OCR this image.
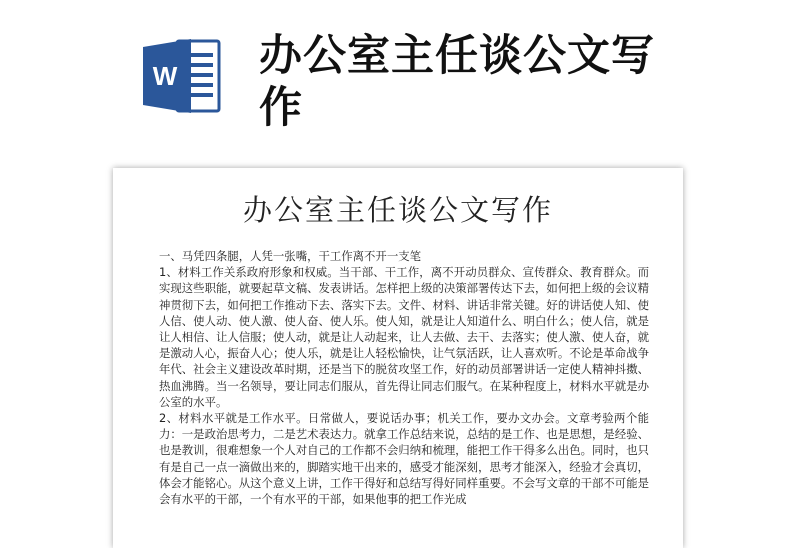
W 办公室主任谈公文写作
办公室主任谈公文写作

一、马凭四条腿，人凭一张嘴，干工作离不开一支笔

1、材料工作关系政府形象和权威。当干部、干工作，离不开动员群众、宣传群众、教育群众。而实现这些职能，就要起草文稿、发表讲话。怎样把上级的决策部署传达下去，如何把上级的会议精神贯彻下去，如何把工作推动下去、落实下去。文件、材料、讲话非常关键。好的讲话使人知、使人信、使人动、使人激、使人奋、使人乐。使人知，就是让人知道什么、明白什么；使人信，就是让人相信、让人信服；使人动，就是让人动起来，让人去做、去干、去落实；使人激、使人奋，就是激动人心，振奋人心；使人乐，就是让人轻松愉快，让气氛活跃，让人喜欢听。不论是革命战争年代、社会主义建设改革时期，还是当下的脱贫攻坚工作，好的动员部署讲话一定使人精神抖擞、热血沸腾。当一名领导，要让同志们服从，首先得让同志们服气。在某种程度上，材料水平就是办公室的水平。

2、材料水平就是工作水平。日常做人，要说话办事；机关工作，要办文办会。文章考验两个能力：一是政治思考力，二是艺术表达力。就拿工作总结来说，总结的是工作、也是思想，是经验、也是教训，很难想象一个人对自己的工作都不会归纳和梳理，能把工作干得多么出色。同时，也只有是自己一点一滴做出来的，脚踏实地干出来的，感受才能深刻，思考才能深入，经验才会真切，体会才能铭心。从这个意义上讲，工作干得好和总结写得好同样重要。不会写文章的干部不可能是会有水平的干部，一个有水平的干部，如果他事的把工作光成
